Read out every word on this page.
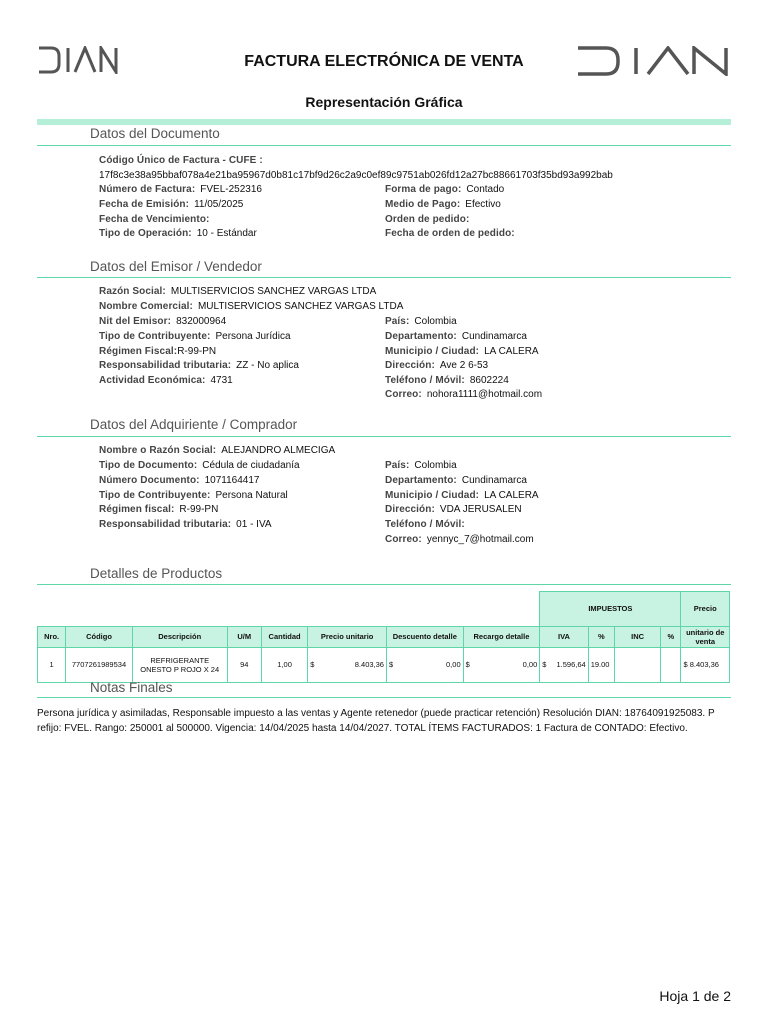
FACTURA ELECTRÓNICA DE VENTA
Representación Gráfica
Datos del Documento
Código Único de Factura - CUFE :
17f8c3e38a95bbaf078a4e21ba95967d0b81c17bf9d26c2a9c0ef89c9751ab026fd12a27bc88661703f35bd93a992bab
Número de Factura: FVEL-252316
Fecha de Emisión: 11/05/2025
Fecha de Vencimiento:
Tipo de Operación: 10 - Estándar
Forma de pago: Contado
Medio de Pago: Efectivo
Orden de pedido:
Fecha de orden de pedido:
Datos del Emisor / Vendedor
Razón Social: MULTISERVICIOS SANCHEZ VARGAS LTDA
Nombre Comercial: MULTISERVICIOS SANCHEZ VARGAS LTDA
Nit del Emisor: 832000964
Tipo de Contribuyente: Persona Jurídica
Régimen Fiscal:R-99-PN
Responsabilidad tributaria: ZZ - No aplica
Actividad Económica: 4731
País: Colombia
Departamento: Cundinamarca
Municipio / Ciudad: LA CALERA
Dirección: Ave 2 6-53
Teléfono / Móvil: 8602224
Correo: nohora1111@hotmail.com
Datos del Adquiriente / Comprador
Nombre o Razón Social: ALEJANDRO ALMECIGA
Tipo de Documento: Cédula de ciudadanía
Número Documento: 1071164417
Tipo de Contribuyente: Persona Natural
Régimen fiscal: R-99-PN
Responsabilidad tributaria: 01 - IVA
País: Colombia
Departamento: Cundinamarca
Municipio / Ciudad: LA CALERA
Dirección: VDA JERUSALEN
Teléfono / Móvil:
Correo: yennyc_7@hotmail.com
Detalles de Productos
								IMPUESTOS				Precio
Nro.	Código	Descripción	U/M	Cantidad	Precio unitario	Descuento detalle	Recargo detalle	IVA	%	INC	%	unitario de venta
1	7707261989534	REFRIGERANTE ONESTO P ROJO X 24	94	1,00	$ 8.403,36	$ 0,00	$ 0,00	$ 1.596,64	19.00			$ 8.403,36
Notas Finales
Persona jurídica y asimiladas, Responsable impuesto a las ventas y Agente retenedor (puede practicar retención) Resolución DIAN: 18764091925083. P refijo: FVEL. Rango: 250001 al 500000. Vigencia: 14/04/2025 hasta 14/04/2027. TOTAL ÍTEMS FACTURADOS: 1 Factura de CONTADO: Efectivo.
Hoja 1 de 2
